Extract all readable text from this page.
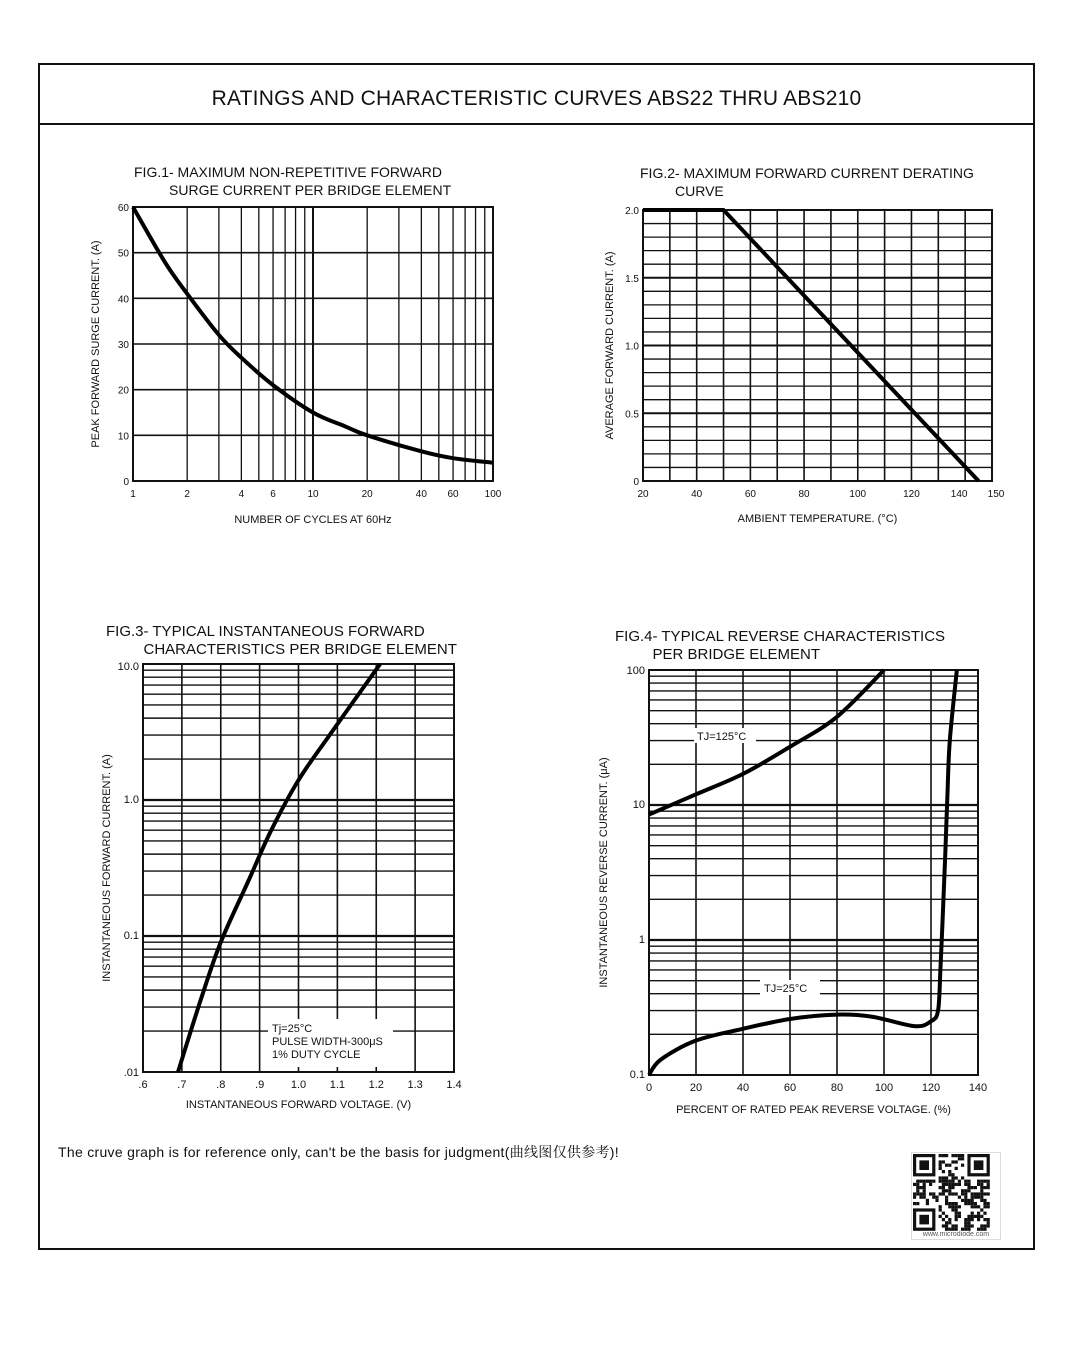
RATINGS AND CHARACTERISTIC CURVES ABS22 THRU ABS210
FIG.1- MAXIMUM NON-REPETITIVE FORWARD
SURGE CURRENT PER BRIDGE ELEMENT
1	2	4	6	10	20	40 60	100
0
10
20
30
40
50
60
NUMBER OF CYCLES AT 60Hz
PEAK FORWARD SURGE CURRENT. (A)
FIG.2- MAXIMUM FORWARD CURRENT DERATING
CURVE
20	40	60	80	100	120	140 150
0
0.5
1.0
1.5
2.0
AMBIENT TEMPERATURE. (°C)
AVERAGE FORWARD CURRENT. (A)
FIG.3- TYPICAL INSTANTANEOUS FORWARD
CHARACTERISTICS PER BRIDGE ELEMENT
.6	.7	.8	.9 1.0 1.1 1.2 1.3 1.4
.01
0.1
1.0
10.0
INSTANTANEOUS FORWARD VOLTAGE. (V)
INSTANTANEOUS FORWARD CURRENT. (A)
Tj=25°C
PULSE WIDTH-300μS
1% DUTY CYCLE
FIG.4- TYPICAL REVERSE CHARACTERISTICS
PER BRIDGE ELEMENT
0	20	40	60	80	100	120	140
0.1
1
10
100
PERCENT OF RATED PEAK REVERSE VOLTAGE. (%)
INSTANTANEOUS REVERSE CURRENT. (μA)
TJ=125°C
TJ=25°C
The cruve graph is for reference only, can't be the basis for judgment(曲线图仅供参考)!
www.microdiode.com
